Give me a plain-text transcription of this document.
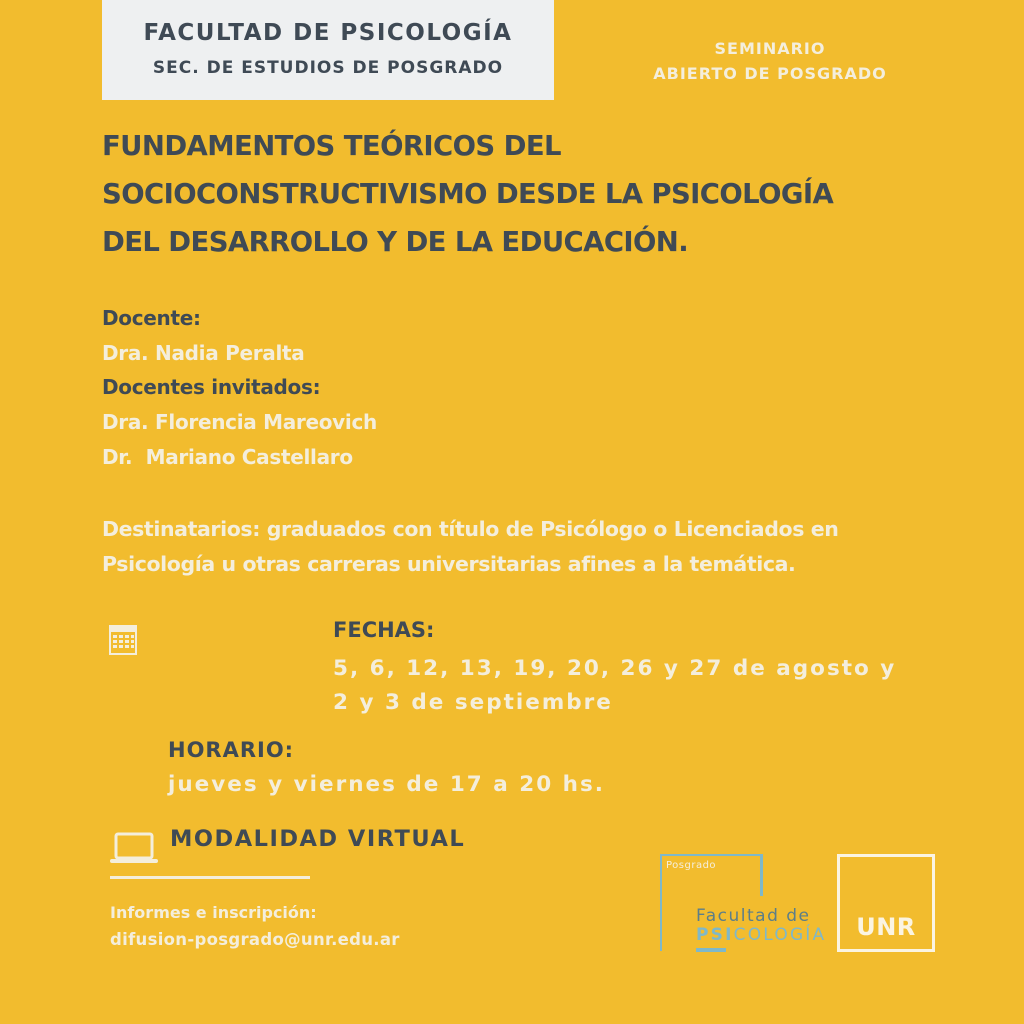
FACULTAD DE PSICOLOGÍA
SEC. DE ESTUDIOS DE POSGRADO
SEMINARIO
ABIERTO DE POSGRADO
FUNDAMENTOS TEÓRICOS DEL
SOCIOCONSTRUCTIVISMO DESDE LA PSICOLOGÍA
DEL DESARROLLO Y DE LA EDUCACIÓN.
Docente:
Dra. Nadia Peralta
Docentes invitados:
Dra. Florencia Mareovich
Dr.  Mariano Castellaro
Destinatarios: graduados con título de Psicólogo o Licenciados en
Psicología u otras carreras universitarias afines a la temática.
FECHAS:
5, 6, 12, 13, 19, 20, 26 y 27 de agosto y
2 y 3 de septiembre
HORARIO:
jueves y viernes de 17 a 20 hs.
MODALIDAD VIRTUAL
Informes e inscripción:
difusion-posgrado@unr.edu.ar
Posgrado
Facultad de
PSICOLOGÍA	UNR
